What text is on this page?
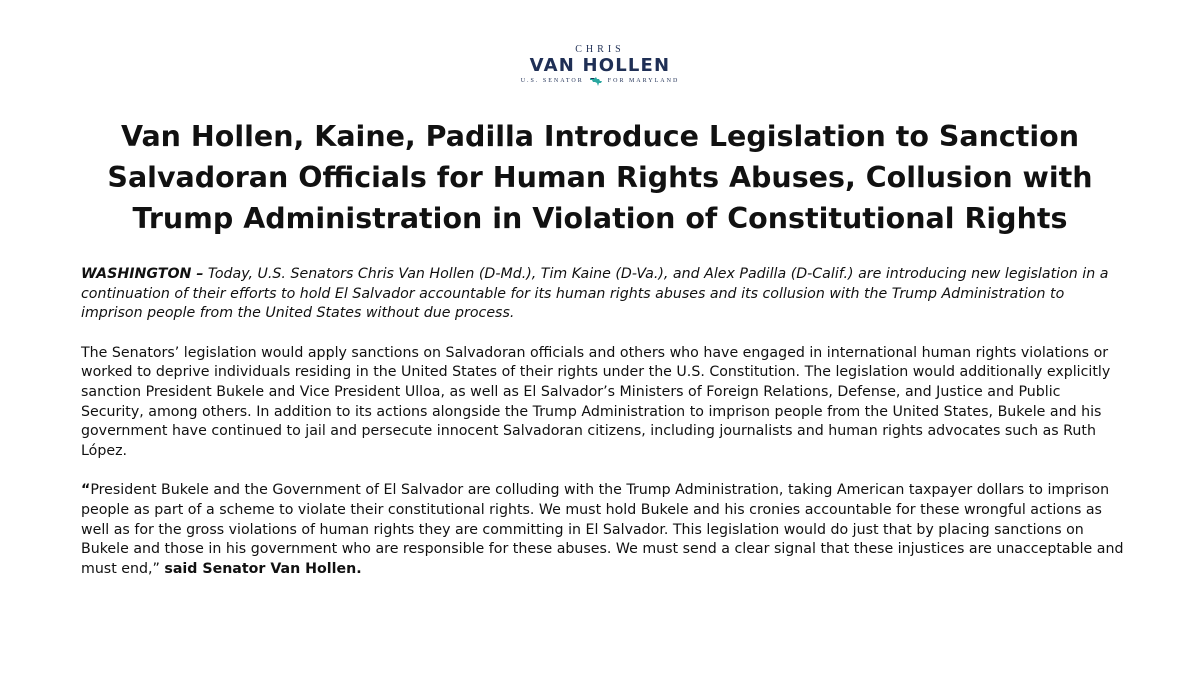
CHRIS
VAN HOLLEN
U.S. SENATOR	FOR MARYLAND
Van Hollen, Kaine, Padilla Introduce Legislation to Sanction Salvadoran Officials for Human Rights Abuses, Collusion with Trump Administration in Violation of Constitutional Rights

WASHINGTON – Today, U.S. Senators Chris Van Hollen (D-Md.), Tim Kaine (D-Va.), and Alex Padilla (D-Calif.) are introducing new legislation in a continuation of their efforts to hold El Salvador accountable for its human rights abuses and its collusion with the Trump Administration to imprison people from the United States without due process.

The Senators’ legislation would apply sanctions on Salvadoran officials and others who have engaged in international human rights violations or worked to deprive individuals residing in the United States of their rights under the U.S. Constitution. The legislation would additionally explicitly sanction President Bukele and Vice President Ulloa, as well as El Salvador’s Ministers of Foreign Relations, Defense, and Justice and Public Security, among others. In addition to its actions alongside the Trump Administration to imprison people from the United States, Bukele and his government have continued to jail and persecute innocent Salvadoran citizens, including journalists and human rights advocates such as Ruth López.

“President Bukele and the Government of El Salvador are colluding with the Trump Administration, taking American taxpayer dollars to imprison people as part of a scheme to violate their constitutional rights. We must hold Bukele and his cronies accountable for these wrongful actions as well as for the gross violations of human rights they are committing in El Salvador. This legislation would do just that by placing sanctions on Bukele and those in his government who are responsible for these abuses. We must send a clear signal that these injustices are unacceptable and must end,” said Senator Van Hollen.
